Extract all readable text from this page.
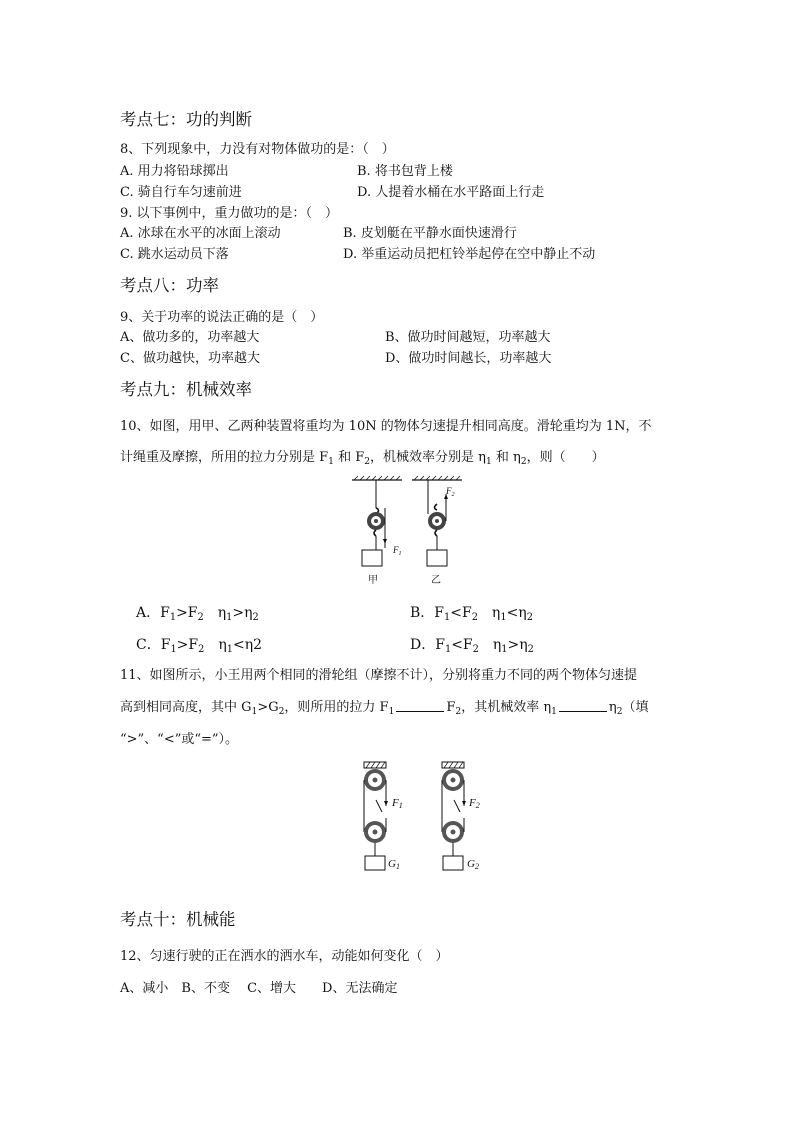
考点七：功的判断
8、下列现象中，力没有对物体做功的是：（　）
A. 用力将铅球掷出	B. 将书包背上楼
C. 骑自行车匀速前进	D. 人提着水桶在水平路面上行走
9. 以下事例中，重力做功的是：（　）
A. 冰球在水平的冰面上滚动	B. 皮划艇在平静水面快速滑行
C. 跳水运动员下落	D. 举重运动员把杠铃举起停在空中静止不动
考点八：功率
9、关于功率的说法正确的是（　）
A、做功多的，功率越大	B、做功时间越短，功率越大
C、做功越快，功率越大	D、做功时间越长，功率越大
考点九：机械效率
10、如图，用甲、乙两种装置将重均为 10N 的物体匀速提升相同高度。滑轮重均为 1N，不
计绳重及摩擦，所用的拉力分别是 $F_1$ 和 $F_2$，机械效率分别是 $\eta_1$ 和 $\eta_2$，则（　　）
$F_1$
甲
$F_2$
乙
A．$F_1>F_2$　$\eta_1>\eta_2$	B．$F_1<F_2$　$\eta_1<\eta_2$
C．$F_1>F_2$　$\eta_1<\eta 2$	D．$F_1<F_2$　$\eta_1>\eta_2$
11、如图所示，小王用两个相同的滑轮组（摩擦不计），分别将重力不同的两个物体匀速提
高到相同高度，其中 $G_1>G_2$，则所用的拉力 $F_1$	$F_2$，其机械效率 $\eta_1$	$\eta_2$（填
“>”、“<”或“=”）。
F1
G1
F2
G2
考点十：机械能
12、匀速行驶的正在洒水的洒水车，动能如何变化（　）
A、减小　B、不变　 C、增大　　D、无法确定
